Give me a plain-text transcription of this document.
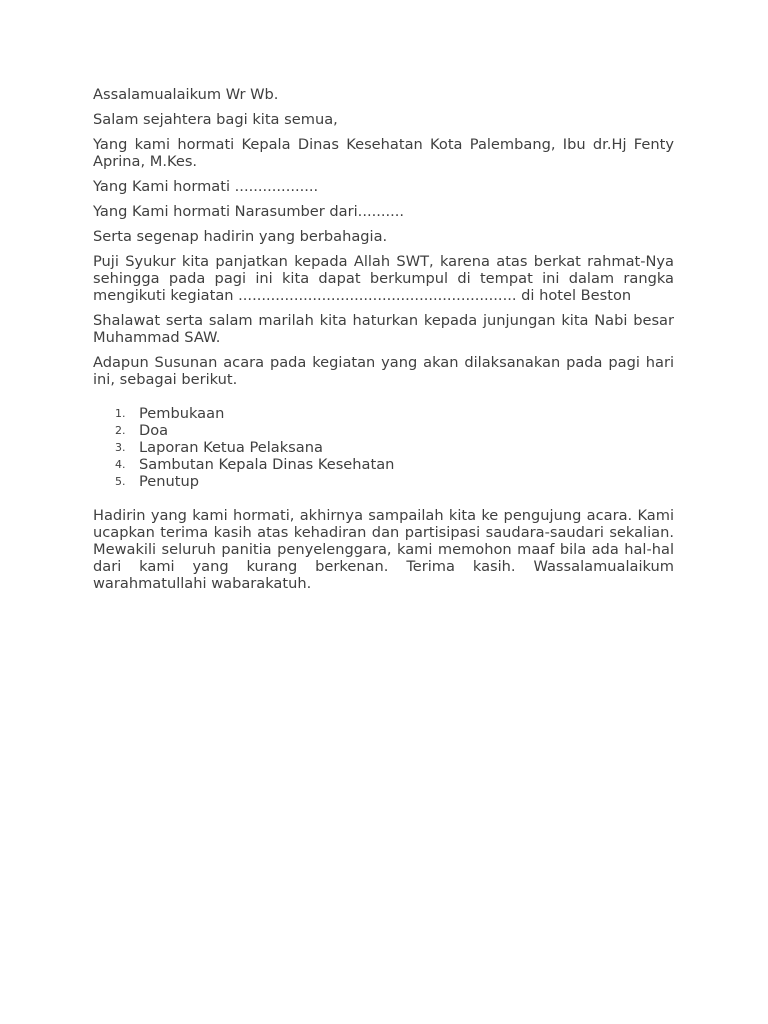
Assalamualaikum Wr Wb.

Salam sejahtera bagi kita semua,

Yang kami hormati Kepala Dinas Kesehatan Kota Palembang, Ibu dr.Hj Fenty Aprina, M.Kes.

Yang Kami hormati ..................

Yang Kami hormati Narasumber dari..........

Serta segenap hadirin yang berbahagia.

Puji Syukur kita panjatkan kepada Allah SWT, karena atas berkat rahmat-Nya sehingga pada pagi ini kita dapat berkumpul di tempat ini dalam rangka mengikuti kegiatan ............................................................ di hotel Beston

Shalawat serta salam marilah kita haturkan kepada junjungan kita Nabi besar Muhammad SAW.

Adapun Susunan acara pada kegiatan yang akan dilaksanakan pada pagi hari ini, sebagai berikut.

1. Pembukaan
2. Doa
3. Laporan Ketua Pelaksana
4. Sambutan Kepala Dinas Kesehatan
5. Penutup

Hadirin yang kami hormati, akhirnya sampailah kita ke pengujung acara. Kami ucapkan terima kasih atas kehadiran dan partisipasi saudara-saudari sekalian. Mewakili seluruh panitia penyelenggara, kami memohon maaf bila ada hal-hal dari kami yang kurang berkenan. Terima kasih. Wassalamualaikum warahmatullahi wabarakatuh.
